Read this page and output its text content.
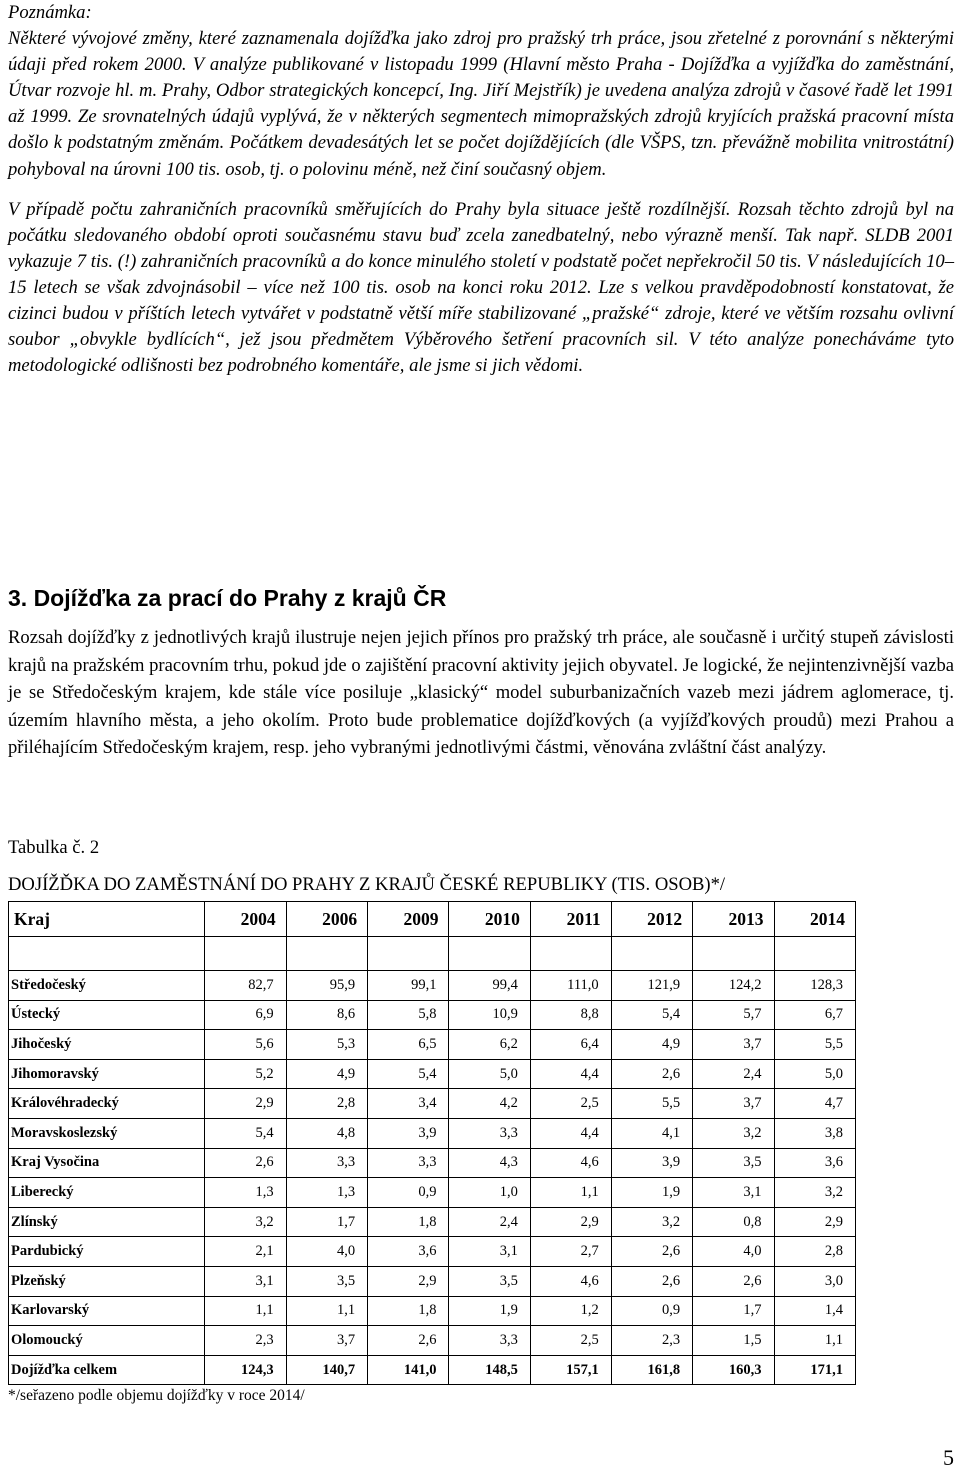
Poznámka:

Některé vývojové změny, které zaznamenala dojížďka jako zdroj pro pražský trh práce, jsou zřetelné z porovnání s některými údaji před rokem 2000. V analýze publikované v listopadu 1999 (Hlavní město Praha - Dojížďka a vyjížďka do zaměstnání, Útvar rozvoje hl. m. Prahy, Odbor strategických koncepcí, Ing. Jiří Mejstřík) je uvedena analýza zdrojů v časové řadě let 1991 až 1999. Ze srovnatelných údajů vyplývá, že v některých segmentech mimopražských zdrojů kryjících pražská pracovní místa došlo k podstatným změnám. Počátkem devadesátých let se počet dojíždějících (dle VŠPS, tzn. převážně mobilita vnitrostátní) pohyboval na úrovni 100 tis. osob, tj. o polovinu méně, než činí současný objem.

V případě počtu zahraničních pracovníků směřujících do Prahy byla situace ještě rozdílnější. Rozsah těchto zdrojů byl na počátku sledovaného období oproti současnému stavu buď zcela zanedbatelný, nebo výrazně menší. Tak např. SLDB 2001 vykazuje 7 tis. (!) zahraničních pracovníků a do konce minulého století v podstatě počet nepřekročil 50 tis. V následujících 10–15 letech se však zdvojnásobil – více než 100 tis. osob na konci roku 2012. Lze s velkou pravděpodobností konstatovat, že cizinci budou v příštích letech vytvářet v podstatně větší míře stabilizované „pražské“ zdroje, které ve větším rozsahu ovlivní soubor „obvykle bydlících“, jež jsou předmětem Výběrového šetření pracovních sil. V této analýze ponecháváme tyto metodologické odlišnosti bez podrobného komentáře, ale jsme si jich vědomi.

3. Dojížďka za prací do Prahy z krajů ČR

Rozsah dojížďky z jednotlivých krajů ilustruje nejen jejich přínos pro pražský trh práce, ale současně i určitý stupeň závislosti krajů na pražském pracovním trhu, pokud jde o zajištění pracovní aktivity jejich obyvatel. Je logické, že nejintenzivnější vazba je se Středočeským krajem, kde stále více posiluje „klasický“ model suburbanizačních vazeb mezi jádrem aglomerace, tj. územím hlavního města, a jeho okolím. Proto bude problematice dojížďkových (a vyjížďkových proudů) mezi Prahou a přiléhajícím Středočeským krajem, resp. jeho vybranými jednotlivými částmi, věnována zvláštní část analýzy.

Tabulka č. 2
DOJÍŽĎKA DO ZAMĚSTNÁNÍ DO PRAHY Z KRAJŮ ČESKÉ REPUBLIKY (TIS. OSOB)*/
Kraj	2004	2006	2009	2010	2011	2012	2013	2014

Středočeský	82,7	95,9	99,1	99,4	111,0	121,9	124,2	128,3
Ústecký	6,9	8,6	5,8	10,9	8,8	5,4	5,7	6,7
Jihočeský	5,6	5,3	6,5	6,2	6,4	4,9	3,7	5,5
Jihomoravský	5,2	4,9	5,4	5,0	4,4	2,6	2,4	5,0
Královéhradecký	2,9	2,8	3,4	4,2	2,5	5,5	3,7	4,7
Moravskoslezský	5,4	4,8	3,9	3,3	4,4	4,1	3,2	3,8
Kraj Vysočina	2,6	3,3	3,3	4,3	4,6	3,9	3,5	3,6
Liberecký	1,3	1,3	0,9	1,0	1,1	1,9	3,1	3,2
Zlínský	3,2	1,7	1,8	2,4	2,9	3,2	0,8	2,9
Pardubický	2,1	4,0	3,6	3,1	2,7	2,6	4,0	2,8
Plzeňský	3,1	3,5	2,9	3,5	4,6	2,6	2,6	3,0
Karlovarský	1,1	1,1	1,8	1,9	1,2	0,9	1,7	1,4
Olomoucký	2,3	3,7	2,6	3,3	2,5	2,3	1,5	1,1
Dojížďka celkem	124,3	140,7	141,0	148,5	157,1	161,8	160,3	171,1
*/seřazeno podle objemu dojížďky v roce 2014/
5
